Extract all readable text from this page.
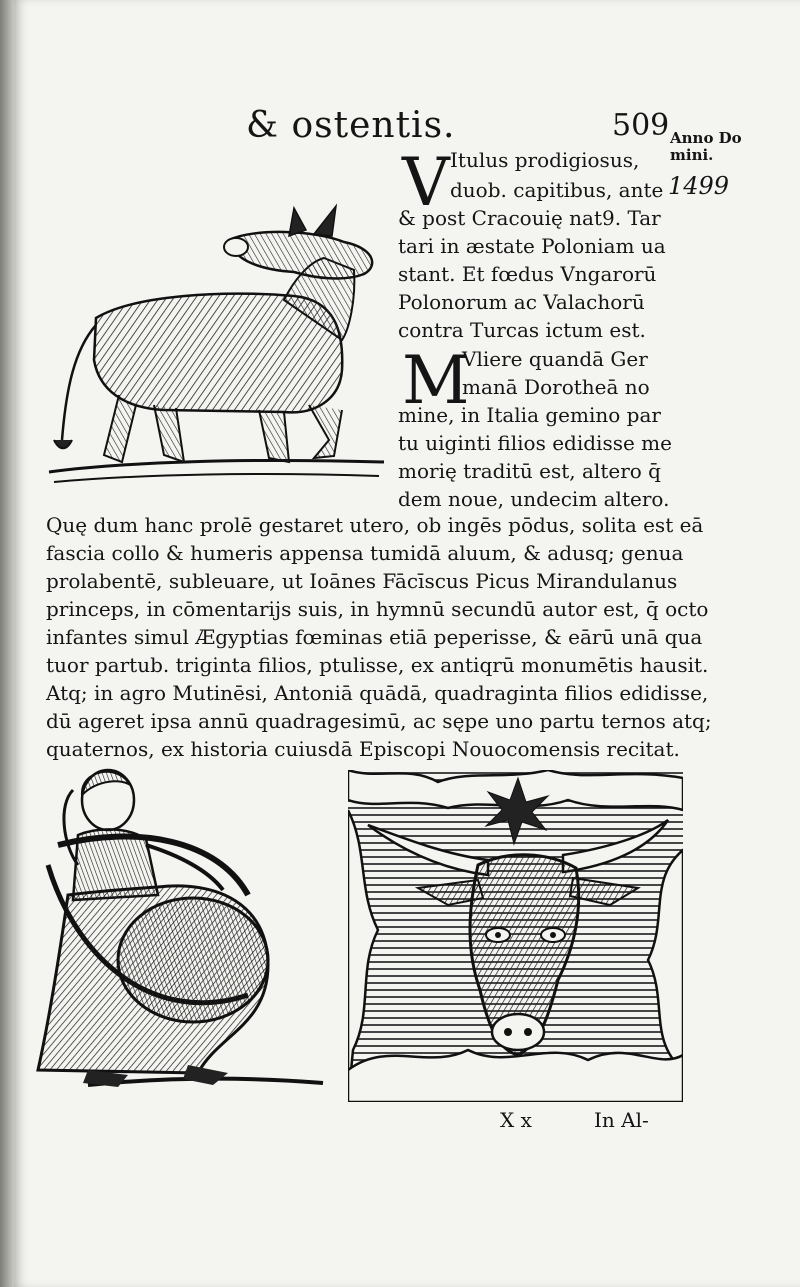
& ostentis.	509 Anno Do
mini.
1499
V Itulus prodigiosus,
duob. capitibus, ante
& post Cracouię nat9. Tar
tari in æstate Poloniam ua
stant. Et fœdus Vngarorū
Polonorum ac Valachorū
contra Turcas ictum est.
M
Vliere quandā Ger
manā Dorotheā no
mine, in Italia gemino par
tu uiginti filios edidisse me
morię traditū est, altero q̄
dem noue, undecim altero.
Quę dum hanc prolē gestaret utero, ob ingēs pōdus, solita est eā
fascia collo & humeris appensa tumidā aluum, & adusq; genua
prolabentē, subleuare, ut Ioānes Fācīscus Picus Mirandulanus
princeps, in cōmentarijs suis, in hymnū secundū autor est, q̄ octo
infantes simul Ægyptias fœminas etiā peperisse, & eārū unā qua
tuor partub. triginta filios, ptulisse, ex antiqrū monumētis hausit.
Atq; in agro Mutinēsi, Antoniā quādā, quadraginta filios edidisse,
dū ageret ipsa annū quadragesimū, ac sępe uno partu ternos atq;
quaternos, ex historia cuiusdā Episcopi Nouocomensis recitat.
X x	In Al-
